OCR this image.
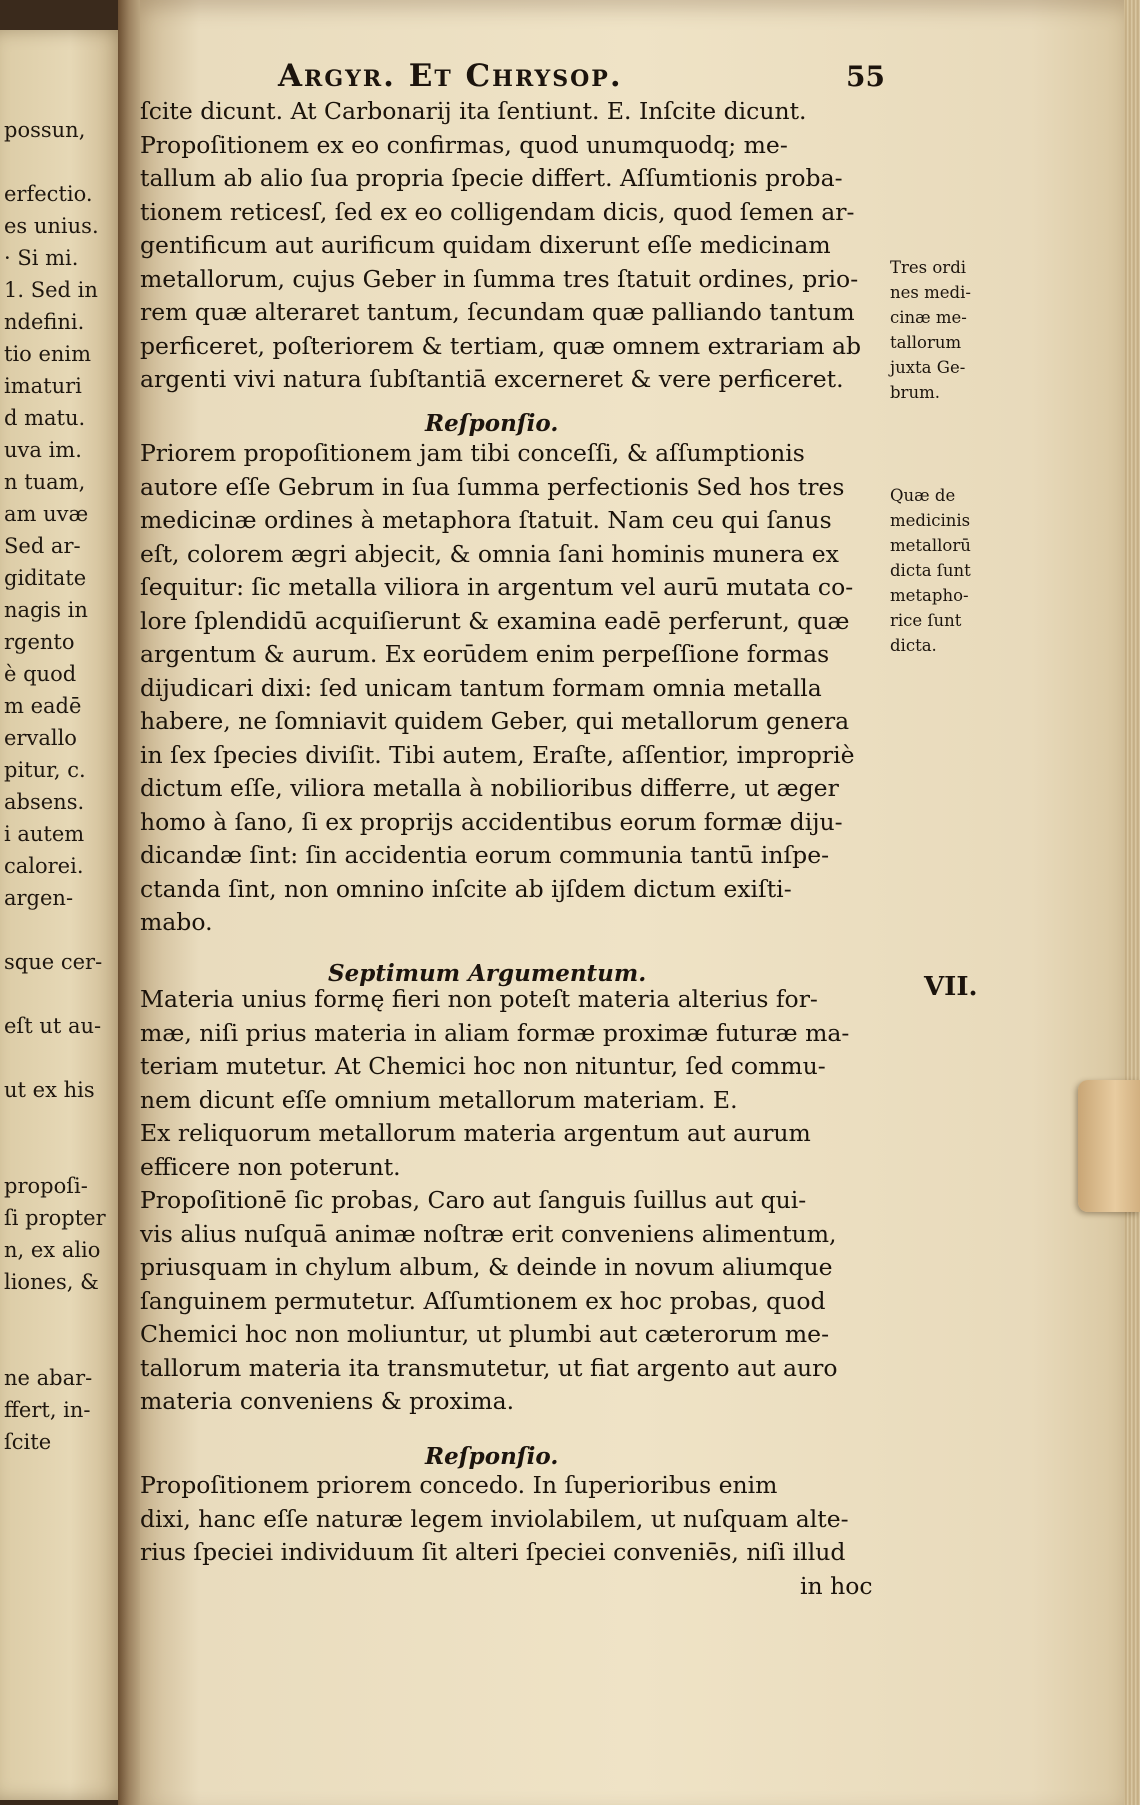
possun,
erfectio.
es unius.
· Si mi.
1. Sed in
ndefini.
tio enim
imaturi
d matu.
uva im.
n tuam,
am uvæ
Sed ar-
giditate
nagis in
rgento
è quod
m eadē
ervallo
pitur, c.
absens.
i autem
calorei.
argen-
sque cer-
eſt ut au-
ut ex his
propoſi-
ſi propter
n, ex alio
liones, &
ne abar-
ffert, in-
ſcite
Argyr. Et Chrysop.	55
ſcite dicunt. At Carbonarij ita ſentiunt. E. Inſcite dicunt.
Propoſitionem ex eo confirmas, quod unumquodq; me-
tallum ab alio ſua propria ſpecie differt. Aſſumtionis proba-
tionem reticesſ, ſed ex eo colligendam dicis, quod ſemen ar-
gentificum aut aurificum quidam dixerunt eſſe medicinam
metallorum, cujus Geber in ſumma tres ſtatuit ordines, prio-
rem quæ alteraret tantum, ſecundam quæ palliando tantum
perficeret, poſteriorem & tertiam, quæ omnem extrariam ab
argenti vivi natura ſubſtantiā excerneret & vere perficeret.
Reſponſio.
Priorem propoſitionem jam tibi conceſſi, & aſſumptionis
autore eſſe Gebrum in ſua ſumma perfectionis Sed hos tres
medicinæ ordines à metaphora ſtatuit. Nam ceu qui ſanus
eſt, colorem ægri abjecit, & omnia ſani hominis munera ex
ſequitur: ſic metalla viliora in argentum vel aurū mutata co-
lore ſplendidū acquiſierunt & examina eadē perferunt, quæ
argentum & aurum. Ex eorūdem enim perpeſſione formas
dijudicari dixi: ſed unicam tantum formam omnia metalla
habere, ne ſomniavit quidem Geber, qui metallorum genera
in ſex ſpecies diviſit. Tibi autem, Eraſte, aſſentior, impropriè
dictum eſſe, viliora metalla à nobilioribus differre, ut æger
homo à ſano, ſi ex proprijs accidentibus eorum formæ diju-
dicandæ ſint: ſin accidentia eorum communia tantū inſpe-
ctanda ſint, non omnino inſcite ab ijſdem dictum exiſti-
mabo.
Septimum Argumentum.
Materia unius formę fieri non poteſt materia alterius for-
mæ, niſi prius materia in aliam formæ proximæ futuræ ma-
teriam mutetur. At Chemici hoc non nituntur, ſed commu-
nem dicunt eſſe omnium metallorum materiam. E.
Ex reliquorum metallorum materia argentum aut aurum
efficere non poterunt.
Propoſitionē ſic probas, Caro aut ſanguis ſuillus aut qui-
vis alius nuſquā animæ noſtræ erit conveniens alimentum,
priusquam in chylum album, & deinde in novum aliumque
ſanguinem permutetur. Aſſumtionem ex hoc probas, quod
Chemici hoc non moliuntur, ut plumbi aut cæterorum me-
tallorum materia ita transmutetur, ut fiat argento aut auro
materia conveniens & proxima.
Reſponſio.
Propoſitionem priorem concedo. In ſuperioribus enim
dixi, hanc eſſe naturæ legem inviolabilem, ut nuſquam alte-
rius ſpeciei individuum ſit alteri ſpeciei conveniēs, niſi illud
in hoc
Tres ordi
nes medi-
cinæ me-
tallorum
juxta Ge-
brum.
Quæ de
medicinis
metallorū
dicta ſunt
metapho-
rice ſunt
dicta.
VII.
